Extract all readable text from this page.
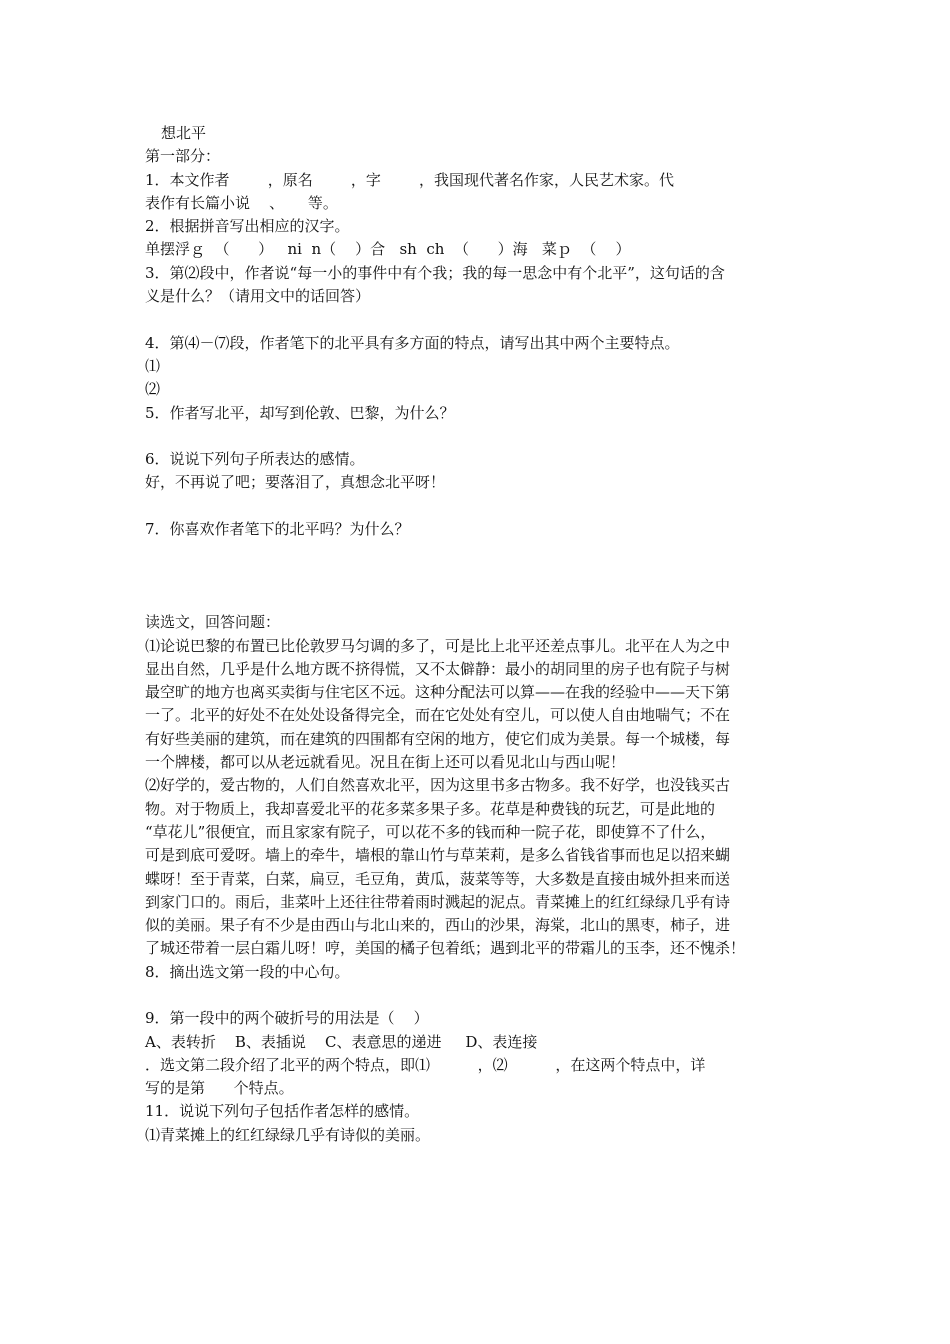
想北平
第一部分：
1．本文作者        ，原名        ，字        ，我国现代著名作家，人民艺术家。代
表作有长篇小说    、     等。
2．根据拼音写出相应的汉字。
单摆浮ｇ  （      ）   ni  n（    ）合   sh  ch  （      ）海   菜ｐ  （    ）
3．第⑵段中，作者说“每一小的事件中有个我；我的每一思念中有个北平”，这句话的含
义是什么？（请用文中的话回答）
4．第⑷－⑺段，作者笔下的北平具有多方面的特点，请写出其中两个主要特点。
⑴
⑵
5．作者写北平，却写到伦敦、巴黎，为什么？
6．说说下列句子所表达的感情。
好，不再说了吧；要落泪了，真想念北平呀！
7．你喜欢作者笔下的北平吗？为什么？
读选文，回答问题：
⑴论说巴黎的布置已比伦敦罗马匀调的多了，可是比上北平还差点事儿。北平在人为之中
显出自然，几乎是什么地方既不挤得慌，又不太僻静：最小的胡同里的房子也有院子与树
最空旷的地方也离买卖街与住宅区不远。这种分配法可以算——在我的经验中——天下第
一了。北平的好处不在处处设备得完全，而在它处处有空儿，可以使人自由地喘气；不在
有好些美丽的建筑，而在建筑的四围都有空闲的地方，使它们成为美景。每一个城楼，每
一个牌楼，都可以从老远就看见。况且在街上还可以看见北山与西山呢！
⑵好学的，爱古物的，人们自然喜欢北平，因为这里书多古物多。我不好学，也没钱买古
物。对于物质上，我却喜爱北平的花多菜多果子多。花草是种费钱的玩艺，可是此地的
“草花儿”很便宜，而且家家有院子，可以花不多的钱而种一院子花，即使算不了什么，
可是到底可爱呀。墙上的牵牛，墙根的靠山竹与草茉莉，是多么省钱省事而也足以招来蝴
蝶呀！至于青菜，白菜，扁豆，毛豆角，黄瓜，菠菜等等，大多数是直接由城外担来而送
到家门口的。雨后，韭菜叶上还往往带着雨时溅起的泥点。青菜摊上的红红绿绿几乎有诗
似的美丽。果子有不少是由西山与北山来的，西山的沙果，海棠，北山的黑枣，柿子，进
了城还带着一层白霜儿呀！哼，美国的橘子包着纸；遇到北平的带霜儿的玉李，还不愧杀！
8．摘出选文第一段的中心句。
9．第一段中的两个破折号的用法是（    ）
A、表转折    B、表插说    C、表意思的递进     D、表连接
．选文第二段介绍了北平的两个特点，即⑴          ，⑵          ，在这两个特点中，详
写的是第      个特点。
11．说说下列句子包括作者怎样的感情。
⑴青菜摊上的红红绿绿几乎有诗似的美丽。
